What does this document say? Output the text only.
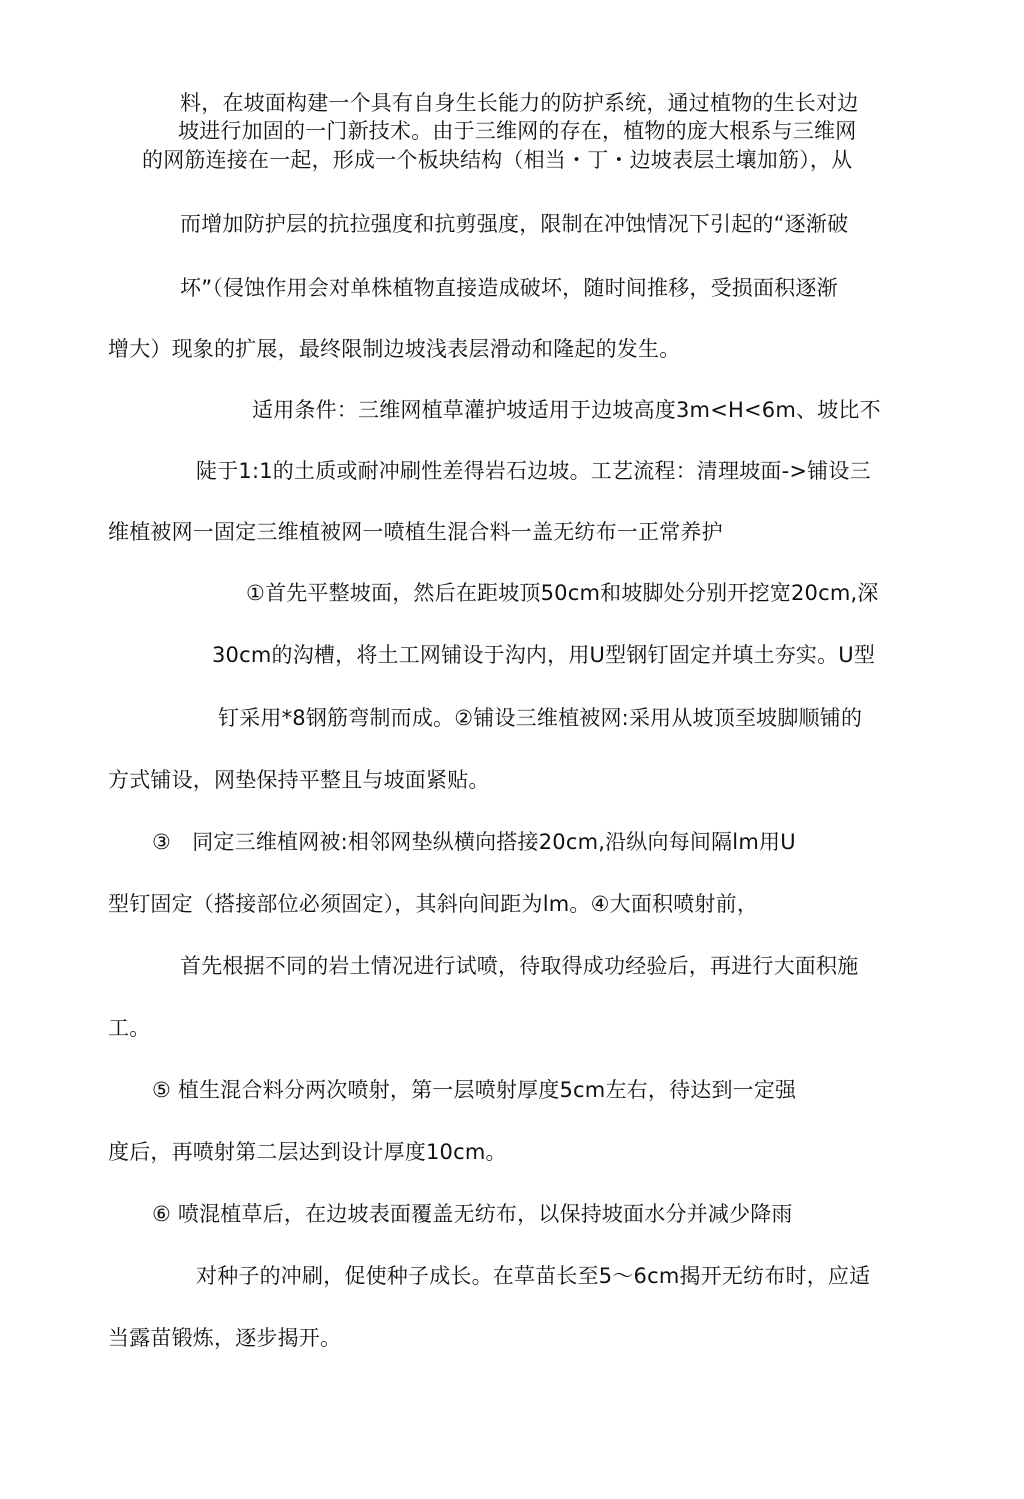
料，在坡面构建一个具有自身生长能力的防护系统，通过植物的生长对边
坡进行加固的一门新技术。由于三维网的存在，植物的庞大根系与三维网
的网筋连接在一起，形成一个板块结构（相当・丁・边坡表层土壤加筋），从
而增加防护层的抗拉强度和抗剪强度，限制在冲蚀情况下引起的“逐渐破
坏”（侵蚀作用会对单株植物直接造成破坏，随时间推移，受损面积逐渐
增大）现象的扩展，最终限制边坡浅表层滑动和隆起的发生。
适用条件：三维网植草灌护坡适用于边坡高度3m<H<6m、坡比不
陡于1:1的土质或耐冲刷性差得岩石边坡。工艺流程：清理坡面->铺设三
维植被网一固定三维植被网一喷植生混合料一盖无纺布一正常养护
①首先平整坡面，然后在距坡顶50cm和坡脚处分别开挖宽20cm,深
30cm的沟槽，将土工网铺设于沟内，用U型钢钉固定并填土夯实。U型
钉采用*8钢筋弯制而成。②铺设三维植被网:采用从坡顶至坡脚顺铺的
方式铺设，网垫保持平整且与坡面紧贴。
③　同定三维植网被:相邻网垫纵横向搭接20cm,沿纵向每间隔lm用U
型钉固定（搭接部位必须固定），其斜向间距为lm。④大面积喷射前，
首先根据不同的岩土情况进行试喷，待取得成功经验后，再进行大面积施
工。
⑤ 植生混合料分两次喷射，第一层喷射厚度5cm左右，待达到一定强
度后，再喷射第二层达到设计厚度10cm。
⑥ 喷混植草后，在边坡表面覆盖无纺布，以保持坡面水分并减少降雨
对种子的冲刷，促使种子成长。在草苗长至5～6cm揭开无纺布时，应适
当露苗锻炼，逐步揭开。
